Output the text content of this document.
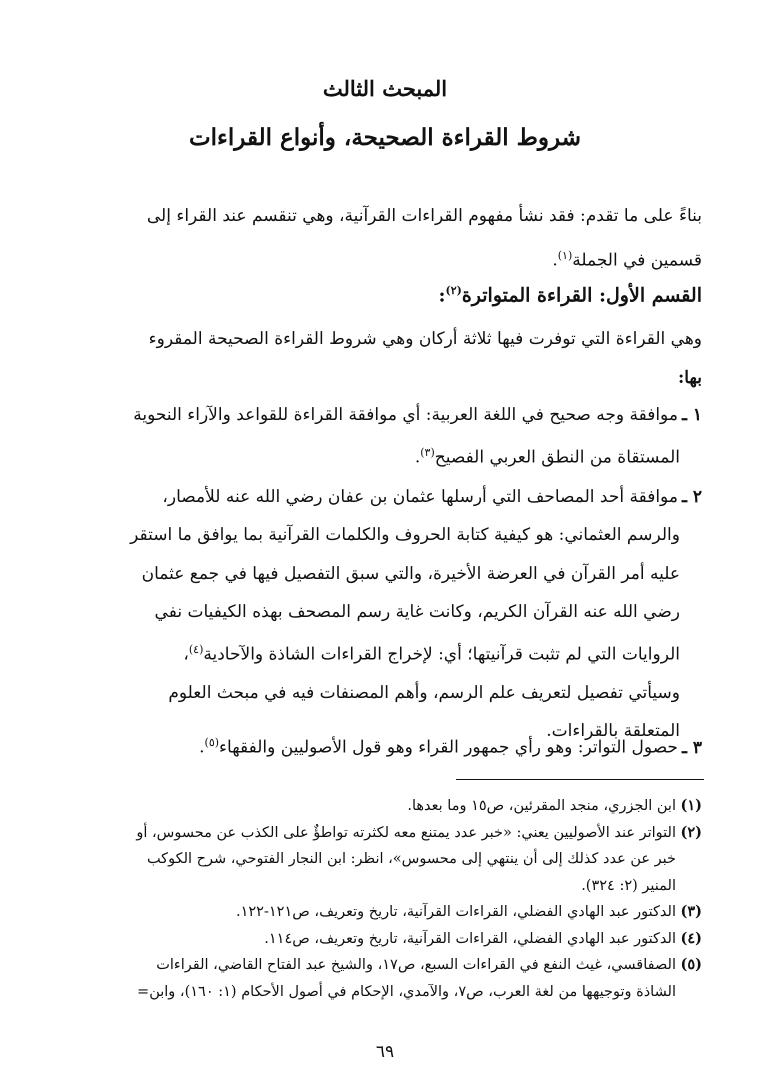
المبحث الثالث
شروط القراءة الصحيحة، وأنواع القراءات
بناءً على ما تقدم: فقد نشأ مفهوم القراءات القرآنية، وهي تنقسم عند القراء إلى
قسمين في الجملة$^{(١)}$.
القسم الأول: القراءة المتواترة$^{(٢)}$:
وهي القراءة التي توفرت فيها ثلاثة أركان وهي شروط القراءة الصحيحة المقروء
بها:
١ ـموافقة وجه صحيح في اللغة العربية: أي موافقة القراءة للقواعد والآراء النحوية
المستقاة من النطق العربي الفصيح$^{(٣)}$.
٢ ـموافقة أحد المصاحف التي أرسلها عثمان بن عفان رضي الله عنه للأمصار،
والرسم العثماني: هو كيفية كتابة الحروف والكلمات القرآنية بما يوافق ما استقر
عليه أمر القرآن في العرضة الأخيرة، والتي سبق التفصيل فيها في جمع عثمان
رضي الله عنه القرآن الكريم، وكانت غاية رسم المصحف بهذه الكيفيات نفي
الروايات التي لم تثبت قرآنيتها؛ أي: لإخراج القراءات الشاذة والآحادية$^{(٤)}$،
وسيأتي تفصيل لتعريف علم الرسم، وأهم المصنفات فيه في مبحث العلوم
المتعلقة بالقراءات.
٣ ـحصول التواتر: وهو رأي جمهور القراء وهو قول الأصوليين والفقهاء$^{(٥)}$.
(١)ابن الجزري، منجد المقرئين، ص١٥ وما بعدها.
(٢)التواتر عند الأصوليين يعني: «خبر عدد يمتنع معه لكثرته تواطؤٌ على الكذب عن محسوس، أو
خبر عن عدد كذلك إلى أن ينتهي إلى محسوس»، انظر: ابن النجار الفتوحي، شرح الكوكب
المنير (٢: ٣٢٤).
(٣)الدكتور عبد الهادي الفضلي، القراءات القرآنية، تاريخ وتعريف، ص١٢١-١٢٢.
(٤)الدكتور عبد الهادي الفضلي، القراءات القرآنية، تاريخ وتعريف، ص١١٤.
(٥)الصفاقسي، غيث النفع في القراءات السبع، ص١٧، والشيخ عبد الفتاح القاضي، القراءات
الشاذة وتوجيهها من لغة العرب، ص٧، والآمدي، الإحكام في أصول الأحكام (١: ١٦٠)، وابن=
٦٩
